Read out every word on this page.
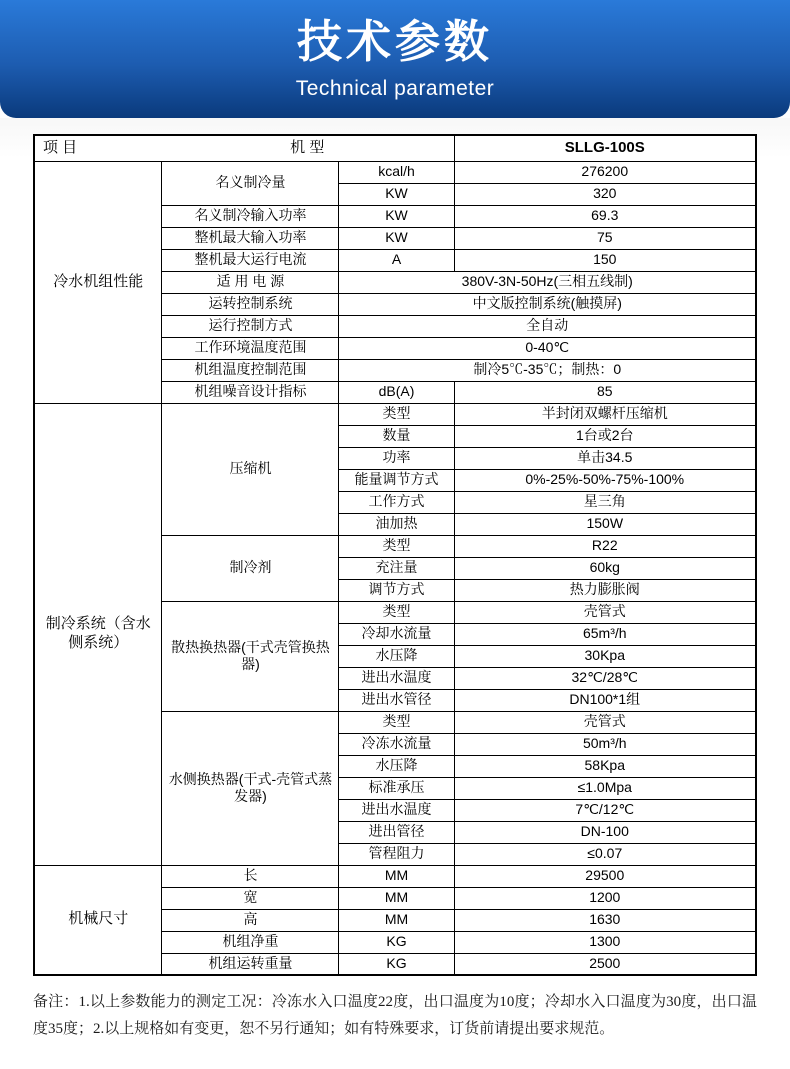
技术参数
Technical parameter
项 目 机 型			SLLG-100S
冷水机组性能	名义制冷量	kcal/h	276200
		KW	320
	名义制冷输入功率	KW	69.3
	整机最大输入功率	KW	75
	整机最大运行电流	A	150
	适 用 电 源	380V-3N-50Hz(三相五线制)	
	运转控制系统	中文版控制系统(触摸屏)	
	运行控制方式	全自动	
	工作环境温度范围	0-40℃	
	机组温度控制范围	制冷5℃-35℃；制热：0	
	机组噪音设计指标	dB(A)	85
制冷系统（含水侧系统）	压缩机	类型	半封闭双螺杆压缩机
		数量	1台或2台
		功率	单击34.5
		能量调节方式	0%-25%-50%-75%-100%
		工作方式	星三角
		油加热	150W
	制冷剂	类型	R22
		充注量	60kg
		调节方式	热力膨胀阀
	散热换热器(干式壳管换热器)	类型	壳管式
		冷却水流量	65m³/h
		水压降	30Kpa
		进出水温度	32℃/28℃
		进出水管径	DN100*1组
	水侧换热器(干式-壳管式蒸发器)	类型	壳管式
		冷冻水流量	50m³/h
		水压降	58Kpa
		标准承压	≤1.0Mpa
		进出水温度	7℃/12℃
		进出管径	DN-100
		管程阻力	≤0.07
机械尺寸	长	MM	29500
	宽	MM	1200
	高	MM	1630
	机组净重	KG	1300
	机组运转重量	KG	2500
备注：1.以上参数能力的测定工况：冷冻水入口温度22度，出口温度为10度；冷却水入口温度为30度，出口温度35度；2.以上规格如有变更，恕不另行通知；如有特殊要求，订货前请提出要求规范。
